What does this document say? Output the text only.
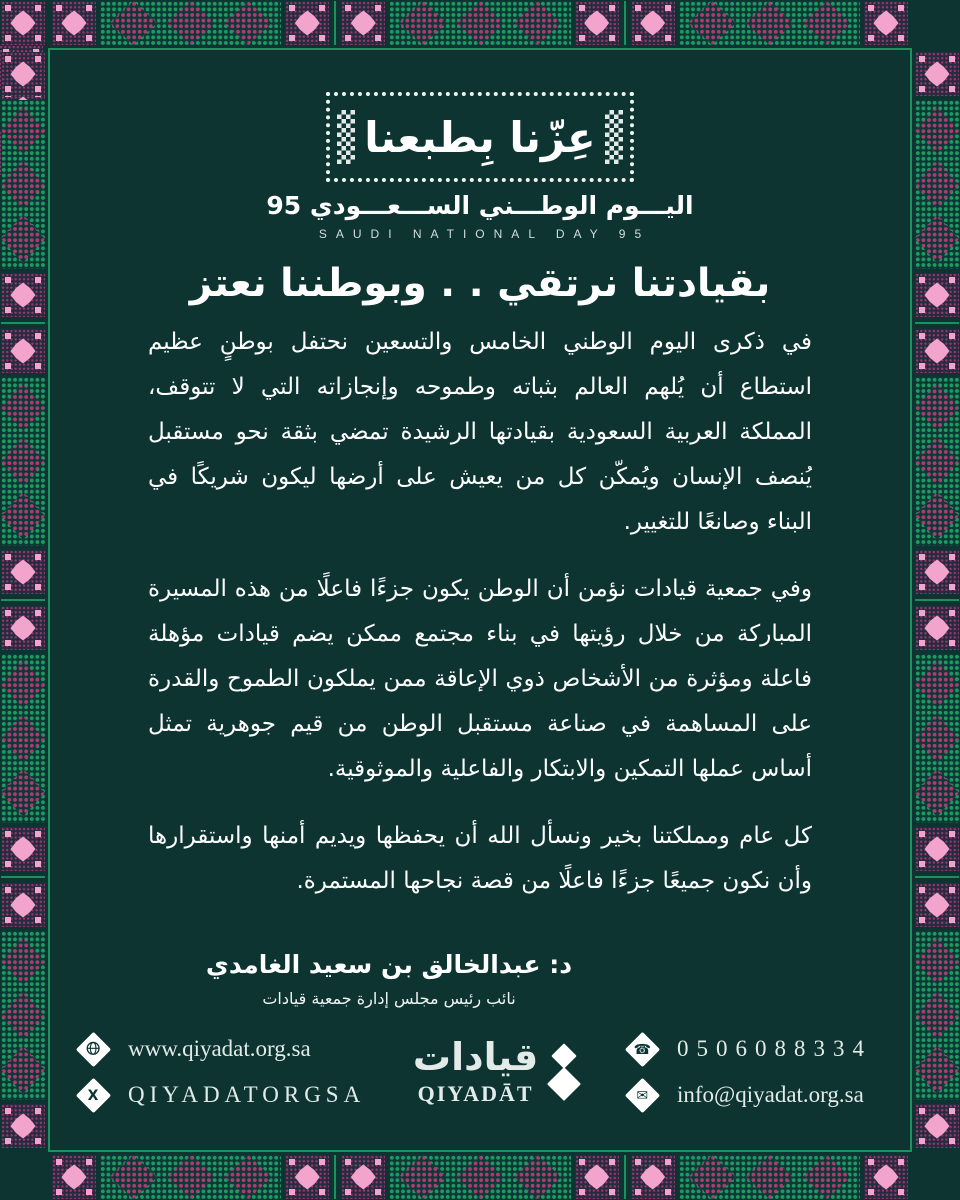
عِزّنا بِطبعنا
اليـــوم الوطـــني الســـعـــودي 95
SAUDI NATIONAL DAY 95
بقيادتنا نرتقي . . وبوطننا نعتز

في ذكرى اليوم الوطني الخامس والتسعين نحتفل بوطنٍ عظيم استطاع أن يُلهم العالم بثباته وطموحه وإنجازاته التي لا تتوقف، المملكة العربية السعودية بقيادتها الرشيدة تمضي بثقة نحو مستقبل يُنصف الإنسان ويُمكّن كل من يعيش على أرضها ليكون شريكًا في البناء وصانعًا للتغيير.

وفي جمعية قيادات نؤمن أن الوطن يكون جزءًا فاعلًا من هذه المسيرة المباركة من خلال رؤيتها في بناء مجتمع ممكن يضم قيادات مؤهلة فاعلة ومؤثرة من الأشخاص ذوي الإعاقة ممن يملكون الطموح والقدرة على المساهمة في صناعة مستقبل الوطن من قيم جوهرية تمثل أساس عملها التمكين والابتكار والفاعلية والموثوقية.

كل عام ومملكتنا بخير ونسأل الله أن يحفظها ويديم أمنها واستقرارها وأن نكون جميعًا جزءًا فاعلًا من قصة نجاحها المستمرة.

د: عبدالخالق بن سعيد الغامدي
نائب رئيس مجلس إدارة جمعية قيادات
www.qiyadat.org.sa
X QIYADATORGSA
قيادات
QIYADĀT
☎ 0506088334
✉ info@qiyadat.org.sa
